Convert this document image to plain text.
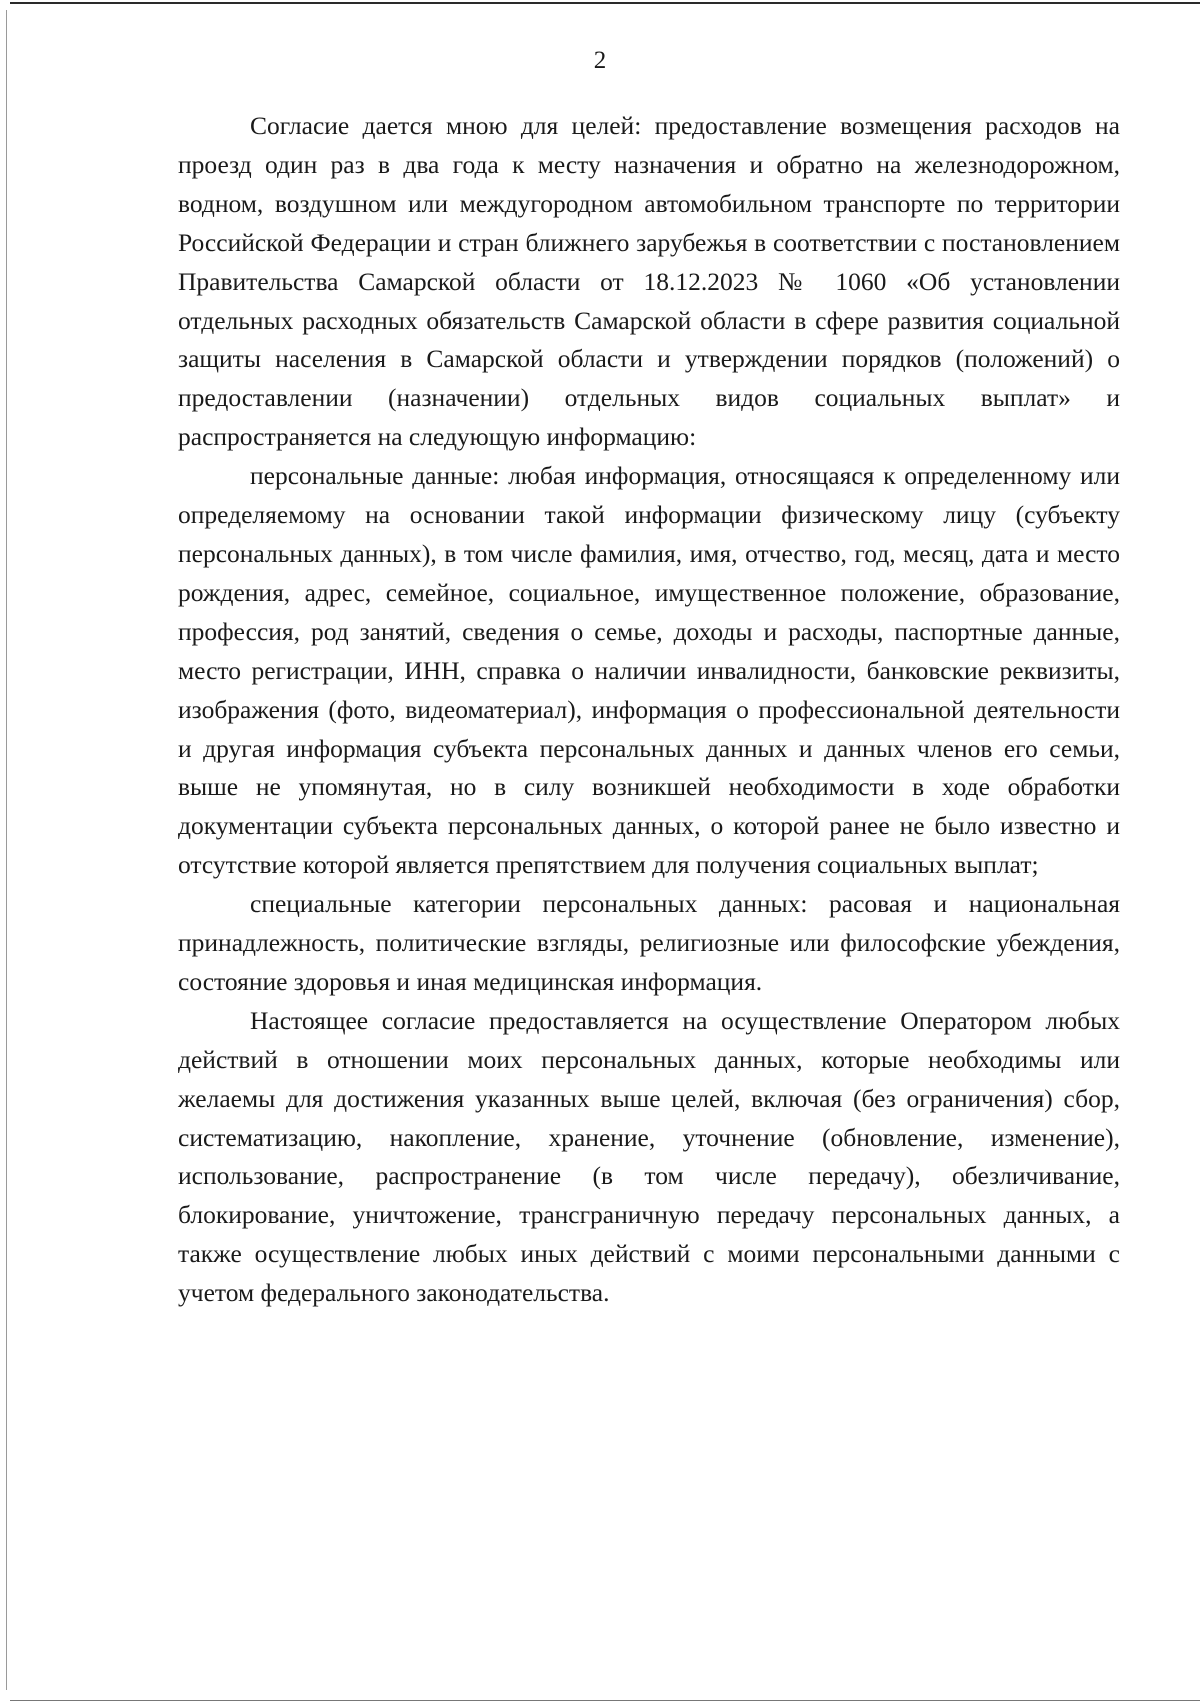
2

Согласие дается мною для целей: предоставление возмещения расходов на проезд один раз в два года к месту назначения и обратно на железнодорожном, водном, воздушном или междугородном автомобильном транспорте по территории Российской Федерации и стран ближнего зарубежья в соответствии с постановлением Правительства Самарской области от 18.12.2023 № 1060 «Об установлении отдельных расходных обязательств Самарской области в сфере развития социальной защиты населения в Самарской области и утверждении порядков (положений) о предоставлении (назначении) отдельных видов социальных выплат» и распространяется на следующую информацию:

персональные данные: любая информация, относящаяся к определенному или определяемому на основании такой информации физическому лицу (субъекту персональных данных), в том числе фамилия, имя, отчество, год, месяц, дата и место рождения, адрес, семейное, социальное, имущественное положение, образование, профессия, род занятий, сведения о семье, доходы и расходы, паспортные данные, место регистрации, ИНН, справка о наличии инвалидности, банковские реквизиты, изображения (фото, видеоматериал), информация о профессиональной деятельности и другая информация субъекта персональных данных и данных членов его семьи, выше не упомянутая, но в силу возникшей необходимости в ходе обработки документации субъекта персональных данных, о которой ранее не было известно и отсутствие которой является препятствием для получения социальных выплат;

специальные категории персональных данных: расовая и национальная принадлежность, политические взгляды, религиозные или философские убеждения, состояние здоровья и иная медицинская информация.

Настоящее согласие предоставляется на осуществление Оператором любых действий в отношении моих персональных данных, которые необходимы или желаемы для достижения указанных выше целей, включая (без ограничения) сбор, систематизацию, накопление, хранение, уточнение (обновление, изменение), использование, распространение (в том числе передачу), обезличивание, блокирование, уничтожение, трансграничную передачу персональных данных, а также осуществление любых иных действий с моими персональными данными с учетом федерального законодательства.
